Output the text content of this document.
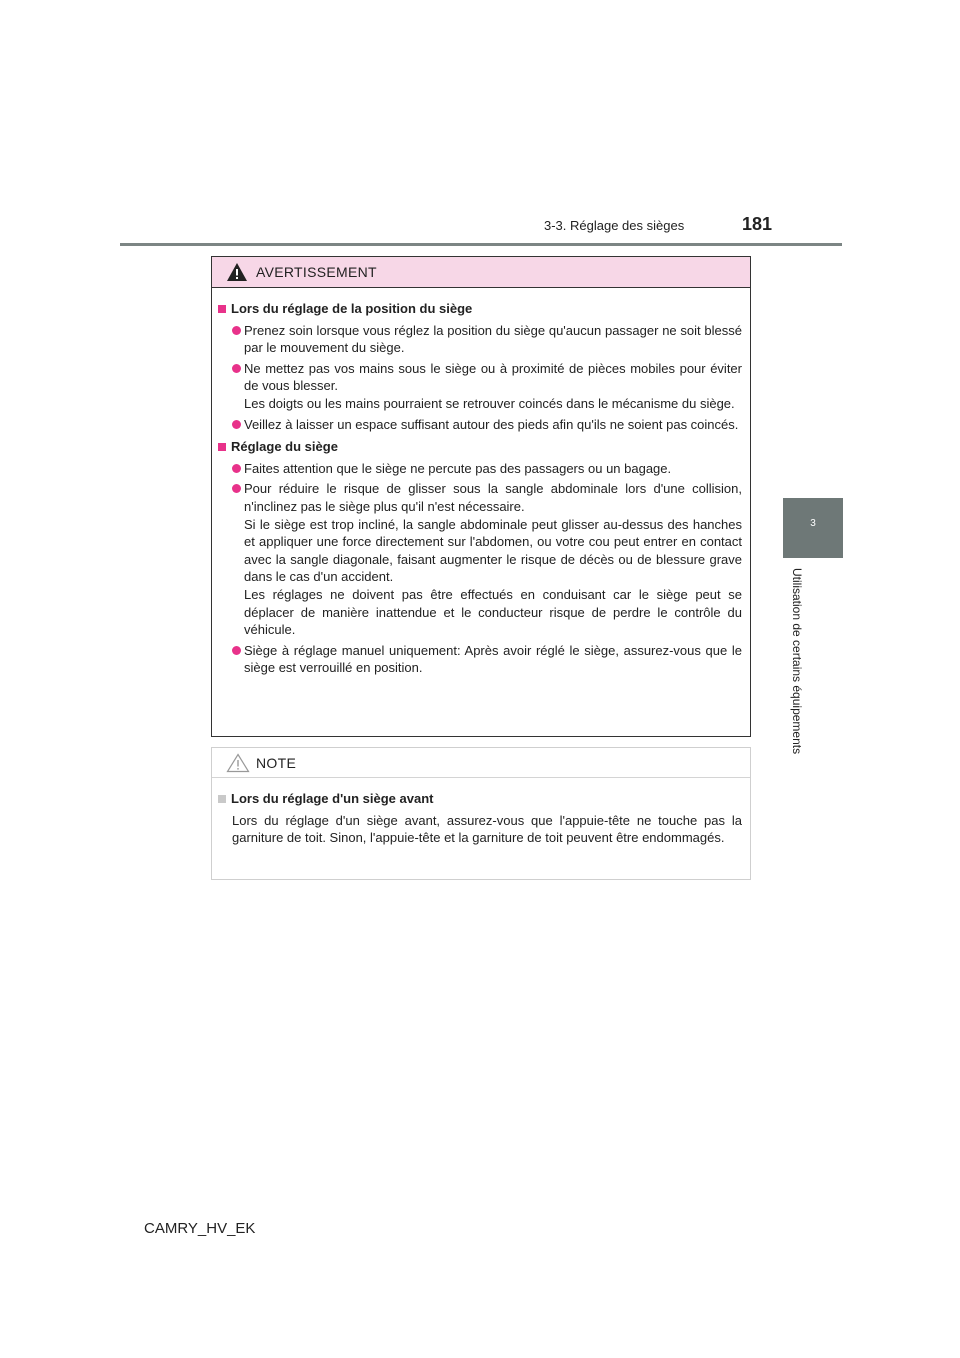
3-3. Réglage des sièges	181
3
Utilisation de certains équipements
AVERTISSEMENT
Lors du réglage de la position du siège

Prenez soin lorsque vous réglez la position du siège qu'aucun passager ne soit blessé par le mouvement du siège.

Ne mettez pas vos mains sous le siège ou à proximité de pièces mobiles pour éviter de vous blesser.

Les doigts ou les mains pourraient se retrouver coincés dans le mécanisme du siège.

Veillez à laisser un espace suffisant autour des pieds afin qu'ils ne soient pas coincés.

Réglage du siège

Faites attention que le siège ne percute pas des passagers ou un bagage.

Pour réduire le risque de glisser sous la sangle abdominale lors d'une collision, n'inclinez pas le siège plus qu'il n'est nécessaire.

Si le siège est trop incliné, la sangle abdominale peut glisser au-dessus des hanches et appliquer une force directement sur l'abdomen, ou votre cou peut entrer en contact avec la sangle diagonale, faisant augmenter le risque de décès ou de blessure grave dans le cas d'un accident.

Les réglages ne doivent pas être effectués en conduisant car le siège peut se déplacer de manière inattendue et le conducteur risque de perdre le contrôle du véhicule.

Siège à réglage manuel uniquement: Après avoir réglé le siège, assurez-vous que le siège est verrouillé en position.

NOTE
Lors du réglage d'un siège avant

Lors du réglage d'un siège avant, assurez-vous que l'appuie-tête ne touche pas la garniture de toit. Sinon, l'appuie-tête et la garniture de toit peuvent être endommagés.

CAMRY_HV_EK
